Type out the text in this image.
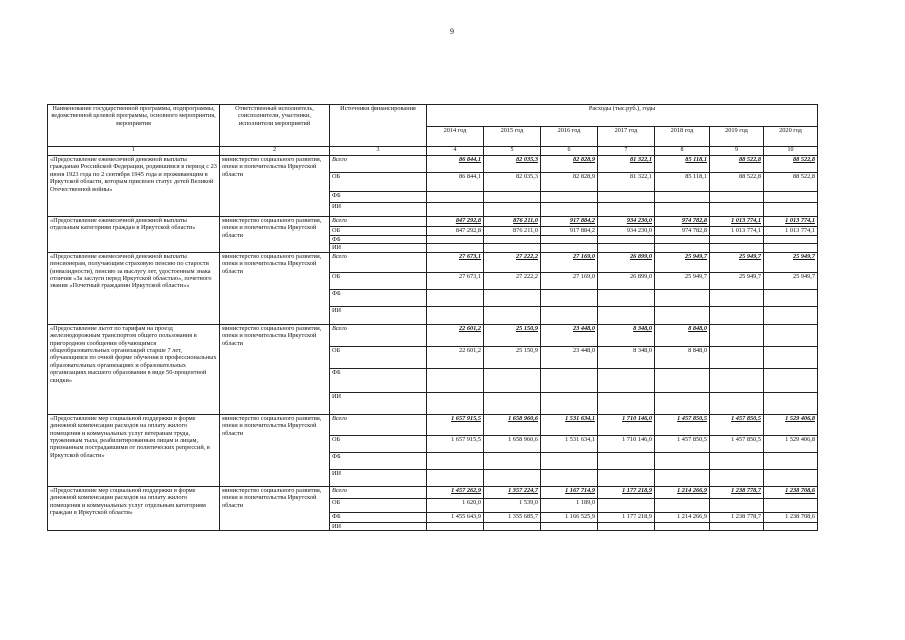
9
Наименование государственной программы, подпрограммы, ведомственной целевой программы, основного мероприятия, мероприятия	Ответственный исполнитель, соисполнители, участники, исполнители мероприятий	Источники финансирования	Расходы (тыс.руб.), годы						
			2014 год	2015 год	2016 год	2017 год	2018 год	2019 год	2020 год
1	2	3	4	5	6	7	8	9	10
«Предоставление ежемесячной денежной выплаты гражданам Российской Федерации, родившимся в период с 23 июня 1923 года по 2 сентября 1945 года и проживающим в Иркутской области, которым присвоен статус детей Великой Отечественной войны»	министерство социального развития, опеки и попечительства Иркутской области	Всего	86 844,1	82 035,3	82 828,9	81 322,1	85 118,1	88 522,8	88 522,8
		ОБ	86 844,1	82 035,3	82 828,9	81 322,1	85 118,1	88 522,8	88 522,8
		ФБ							
		ИИ							
«Предоставление ежемесячной денежной выплаты отдельным категориям граждан в Иркутской области»	министерство социального развития, опеки и попечительства Иркутской области	Всего	847 292,8	876 211,0	917 884,2	934 230,0	974 782,8	1 013 774,1	1 013 774,1
		ОБ	847 292,8	876 211,0	917 884,2	934 230,0	974 782,8	1 013 774,1	1 013 774,1
		ФБ							
		ИИ							
«Предоставление ежемесячной денежной выплаты пенсионерам, получающим страховую пенсию по старости (инвалидности), пенсию за выслугу лет, удостоенным знака отличия «За заслуги перед Иркутской областью», почетного звания «Почетный гражданин Иркутской области»»	министерство социального развития, опеки и попечительства Иркутской области	Всего	27 673,1	27 222,2	27 169,0	26 899,0	25 949,7	25 949,7	25 949,7
		ОБ	27 673,1	27 222,2	27 169,0	26 899,0	25 949,7	25 949,7	25 949,7
		ФБ							
		ИИ							
«Предоставление льгот по тарифам на проезд железнодорожным транспортом общего пользования в пригородном сообщении обучающимся общеобразовательных организаций старше 7 лет, обучающимся по очной форме обучения в профессиональных образовательных организациях и образовательных организациях высшего образования в виде 50-процентной скидки»	министерство социального развития, опеки и попечительства Иркутской области	Всего	22 601,2	25 150,9	23 448,0	8 348,0	8 848,0		
		ОБ	22 601,2	25 150,9	23 448,0	8 348,0	8 848,0		
		ФБ							
		ИИ							
«Предоставление мер социальной поддержки в форме денежной компенсации расходов на оплату жилого помещения и коммунальных услуг ветеранам труда, труженикам тыла, реабилитированным лицам и лицам, признанным пострадавшими от политических репрессий, в Иркутской области»	министерство социального развития, опеки и попечительства Иркутской области	Всего	1 657 915,5	1 658 960,6	1 531 634,1	1 710 146,0	1 457 850,5	1 457 850,5	1 529 406,8
		ОБ	1 657 915,5	1 658 960,6	1 531 634,1	1 710 146,0	1 457 850,5	1 457 850,5	1 529 406,8
		ФБ							
		ИИ							
«Предоставление мер социальной поддержки в форме денежной компенсации расходов на оплату жилого помещения и коммунальных услуг отдельным категориям граждан в Иркутской области»	министерство социального развития, опеки и попечительства Иркутской области	Всего	1 457 262,9	1 357 224,7	1 167 714,9	1 177 218,9	1 214 266,9	1 238 778,7	1 238 708,6
		ОБ	1 620,0	1 539,0	1 189,0				
		ФБ	1 455 643,9	1 355 685,7	1 166 525,9	1 177 218,9	1 214 266,9	1 238 778,7	1 238 708,6
		ИИ							
